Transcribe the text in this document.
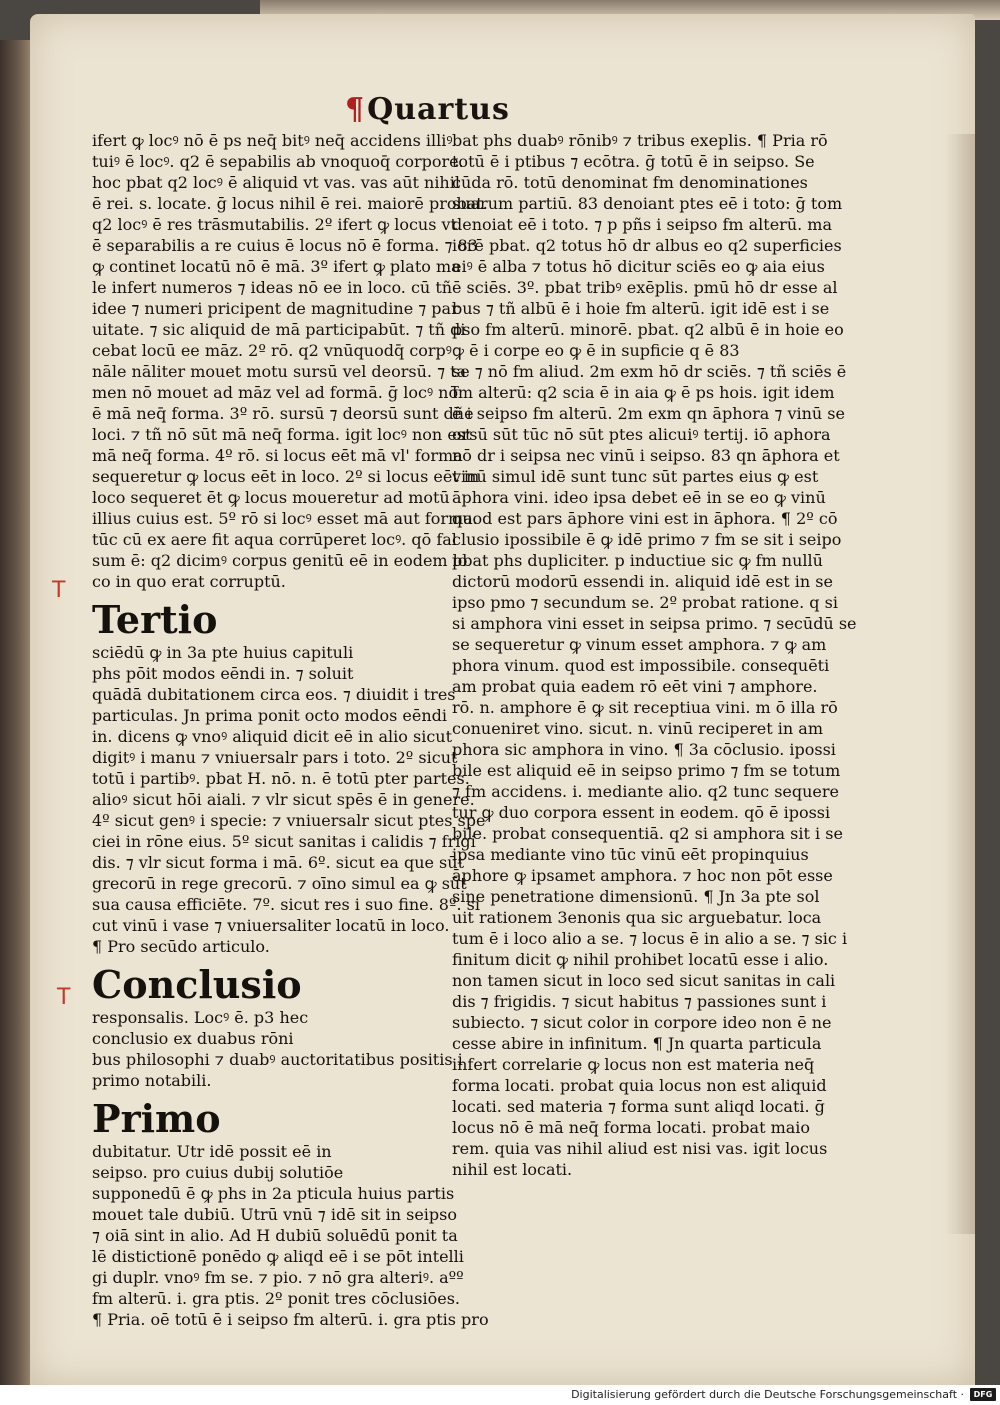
¶Quartus
T
T
ifert ꝙ locꝰ nō ē ps neq̄ bitꝰ neq̄ accidens illiꝰ
tuiꝰ ē locꝰ. q2 ē sepabilis ab vnoquoq̄ corpore.
hoc pbat q2 locꝰ ē aliquid vt vas. vas aūt nihil
ē rei. s. locate. ḡ locus nihil ē rei. maiorē probat.
q2 locꝰ ē res trāsmutabilis. 2º ifert ꝙ locus vt
ē separabilis a re cuius ē locus nō ē forma. ⁊ 83
ꝙ continet locatū nō ē mā. 3º ifert ꝙ plato ma
le infert numeros ⁊ ideas nō ee in loco. cū tñ
idee ⁊ numeri pricipent de magnitudine ⁊ par
uitate. ⁊ sic aliquid de mā participabūt. ⁊ tñ di
cebat locū ee māz. 2º rō. q2 vnūquodq̄ corpꝰ
nāle nāliter mouet motu sursū vel deorsū. ⁊ ta
men nō mouet ad māz vel ad formā. ḡ locꝰ nō
ē mā neq̄ forma. 3º rō. sursū ⁊ deorsū sunt dñe
loci. ⁊ tñ nō sūt mā neq̄ forma. igit locꝰ non est
mā neq̄ forma. 4º rō. si locus eēt mā vl' forma
sequeretur ꝙ locus eēt in loco. 2º si locus eēt in
loco sequeret ēt ꝙ locus moueretur ad motū
illius cuius est. 5º rō si locꝰ esset mā aut forma.
tūc cū ex aere fit aqua corrūperet locꝰ. qō fal
sum ē: q2 dicimꝰ corpus genitū eē in eodem lo
co in quo erat corruptū.
Tertio
sciēdū ꝙ in 3a pte huius capituli
phs pōit modos eēndi in. ⁊ soluit
quādā dubitationem circa eos. ⁊ diuidit i tres
particulas. Jn prima ponit octo modos eēndi
in. dicens ꝙ vnoꝰ aliquid dicit eē in alio sicut
digitꝰ i manu ⁊ vniuersalr pars i toto. 2º sicut
totū i partibꝰ. pbat H. nō. n. ē totū pter partes.
alioꝰ sicut hōi aiali. ⁊ vlr sicut spēs ē in genere.
4º sicut genꝰ i specie: ⁊ vniuersalr sicut ptes spe
ciei in rōne eius. 5º sicut sanitas i calidis ⁊ frigi
dis. ⁊ vlr sicut forma i mā. 6º. sicut ea que sūt
grecorū in rege grecorū. ⁊ oīno simul ea ꝙ sūt
sua causa efficiēte. 7º. sicut res i suo fine. 8º. si
cut vinū i vase ⁊ vniuersaliter locatū in loco.
¶ Pro secūdo articulo.
Conclusio
responsalis. Locꝰ ē. p3 hec
conclusio ex duabus rōni
bus philosophi ⁊ duabꝰ auctoritatibus positis i
primo notabili.
Primo
dubitatur. Utr idē possit eē in
seipso. pro cuius dubij solutiōe
supponedū ē ꝙ phs in 2a pticula huius partis
mouet tale dubiū. Utrū vnū ⁊ idē sit in seipso
⁊ oiā sint in alio. Ad H dubiū soluēdū ponit ta
lē distictionē ponēdo ꝙ aliqd eē i se pōt intelli
gi duplr. vnoꝰ fm se. ⁊ pio. ⁊ nō gra alteriꝰ. aºº
fm alterū. i. gra ptis. 2º ponit tres cōclusiōes.
¶ Pria. oē totū ē i seipso fm alterū. i. gra ptis pro
bat phs duabꝰ rōnibꝰ ⁊ tribus exeplis. ¶ Pria rō
totū ē i ptibus ⁊ ecōtra. ḡ totū ē in seipso. Se
cūda rō. totū denominat fm denominationes
suarum partiū. 83 denoiant ptes eē i toto: ḡ tom
denoiat eē i toto. ⁊ p pñs i seipso fm alterū. ma
iorē pbat. q2 totus hō dr albus eo q2 superficies
eiꝰ ē alba ⁊ totus hō dicitur sciēs eo ꝙ aia eius
ē sciēs. 3º. pbat tribꝰ exēplis. pmū hō dr esse al
bus ⁊ tñ albū ē i hoie fm alterū. igit idē est i se
pso fm alterū. minorē. pbat. q2 albū ē in hoie eo
ꝙ ē i corpe eo ꝙ ē in supficie q ē 83
se ⁊ nō fm aliud. 2m exm hō dr sciēs. ⁊ tñ sciēs ē
fm alterū: q2 scia ē in aia ꝙ ē ps hois. igit idem
ē i seipso fm alterū. 2m exm qn āphora ⁊ vinū se
orsū sūt tūc nō sūt ptes alicuiꝰ tertij. iō aphora
nō dr i seipsa nec vinū i seipso. 83 qn āphora et
vinū simul idē sunt tunc sūt partes eius ꝙ est
āphora vini. ideo ipsa debet eē in se eo ꝙ vinū
quod est pars āphore vini est in āphora. ¶ 2º cō
clusio ipossibile ē ꝙ idē primo ⁊ fm se sit i seipo
pbat phs dupliciter. p inductiue sic ꝙ fm nullū
dictorū modorū essendi in. aliquid idē est in se
ipso pmo ⁊ secundum se. 2º probat ratione. q si
si amphora vini esset in seipsa primo. ⁊ secūdū se
se sequeretur ꝙ vinum esset amphora. ⁊ ꝙ am
phora vinum. quod est impossibile. consequēti
am probat quia eadem rō eēt vini ⁊ amphore.
rō. n. amphore ē ꝙ sit receptiua vini. m ō illa rō
conueniret vino. sicut. n. vinū reciperet in am
phora sic amphora in vino. ¶ 3a cōclusio. ipossi
bile est aliquid eē in seipso primo ⁊ fm se totum
⁊ fm accidens. i. mediante alio. q2 tunc sequere
tur ꝙ duo corpora essent in eodem. qō ē ipossi
bile. probat consequentiā. q2 si amphora sit i se
ipsa mediante vino tūc vinū eēt propinquius
āphore ꝙ ipsamet amphora. ⁊ hoc non pōt esse
sine penetratione dimensionū. ¶ Jn 3a pte sol
uit rationem 3enonis qua sic arguebatur. loca
tum ē i loco alio a se. ⁊ locus ē in alio a se. ⁊ sic i
finitum dicit ꝙ nihil prohibet locatū esse i alio.
non tamen sicut in loco sed sicut sanitas in cali
dis ⁊ frigidis. ⁊ sicut habitus ⁊ passiones sunt i
subiecto. ⁊ sicut color in corpore ideo non ē ne
cesse abire in infinitum. ¶ Jn quarta particula
infert correlarie ꝙ locus non est materia neq̄
forma locati. probat quia locus non est aliquid
locati. sed materia ⁊ forma sunt aliqd locati. ḡ
locus nō ē mā neq̄ forma locati. probat maio
rem. quia vas nihil aliud est nisi vas. igit locus
nihil est locati.
Digitalisierung gefördert durch die Deutsche Forschungsgemeinschaft ·	DFG
